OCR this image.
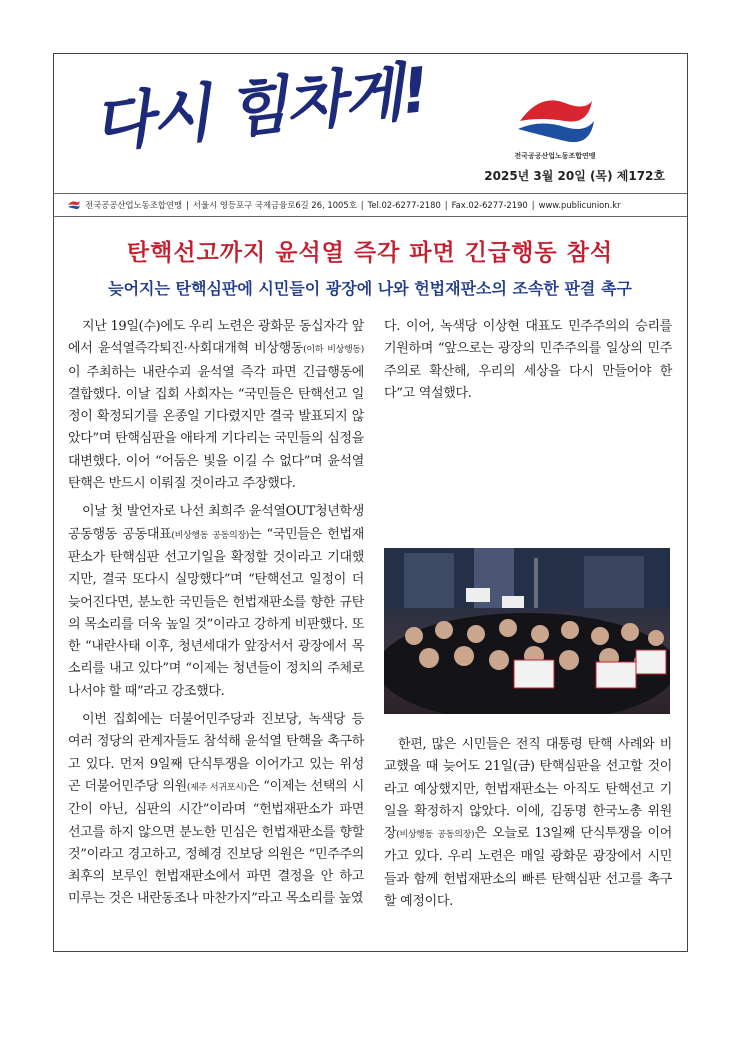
다시 힘차게!	전국공공산업노동조합연맹
2025년 3월 20일 (목) 제172호
전국공공산업노동조합연맹 | 서울시 영등포구 국제금융로6길 26, 1005호 | Tel.02-6277-2180 | Fax.02-6277-2190 | www.publicunion.kr
탄핵선고까지 윤석열 즉각 파면 긴급행동 참석
늦어지는 탄핵심판에 시민들이 광장에 나와 헌법재판소의 조속한 판결 촉구

지난 19일(수)에도 우리 노련은 광화문 동십자각 앞에서 윤석열즉각퇴진·사회대개혁 비상행동(이하 비상행동)이 주최하는 내란수괴 윤석열 즉각 파면 긴급행동에 결합했다. 이날 집회 사회자는 “국민들은 탄핵선고 일정이 확정되기를 온종일 기다렸지만 결국 발표되지 않았다”며 탄핵심판을 애타게 기다리는 국민들의 심정을 대변했다. 이어 “어둠은 빛을 이길 수 없다”며 윤석열 탄핵은 반드시 이뤄질 것이라고 주장했다.

이날 첫 발언자로 나선 최희주 윤석열OUT청년학생공동행동 공동대표(비상행동 공동의장)는 “국민들은 헌법재판소가 탄핵심판 선고기일을 확정할 것이라고 기대했지만, 결국 또다시 실망했다”며 “탄핵선고 일정이 더 늦어진다면, 분노한 국민들은 헌법재판소를 향한 규탄의 목소리를 더욱 높일 것”이라고 강하게 비판했다. 또한 “내란사태 이후, 청년세대가 앞장서서 광장에서 목소리를 내고 있다”며 “이제는 청년들이 정치의 주체로 나서야 할 때”라고 강조했다.

이번 집회에는 더불어민주당과 진보당, 녹색당 등 여러 정당의 관계자들도 참석해 윤석열 탄핵을 촉구하고 있다. 먼저 9일째 단식투쟁을 이어가고 있는 위성곤 더불어민주당 의원(제주 서귀포시)은 “이제는 선택의 시간이 아닌, 심판의 시간”이라며 “헌법재판소가 파면 선고를 하지 않으면 분노한 민심은 헌법재판소를 향할 것”이라고 경고하고, 정혜경 진보당 의원은 “민주주의 최후의 보루인 헌법재판소에서 파면 결정을 안 하고 미루는 것은 내란동조나 마찬가지”라고 목소리를 높였

다. 이어, 녹색당 이상현 대표도 민주주의의 승리를 기원하며 “앞으로는 광장의 민주주의를 일상의 민주주의로 확산해, 우리의 세상을 다시 만들어야 한다”고 역설했다.

한편, 많은 시민들은 전직 대통령 탄핵 사례와 비교했을 때 늦어도 21일(금) 탄핵심판을 선고할 것이라고 예상했지만, 헌법재판소는 아직도 탄핵선고 기일을 확정하지 않았다. 이에, 김동명 한국노총 위원장(비상행동 공동의장)은 오늘로 13일째 단식투쟁을 이어가고 있다. 우리 노련은 매일 광화문 광장에서 시민들과 함께 헌법재판소의 빠른 탄핵심판 선고를 촉구할 예정이다.
